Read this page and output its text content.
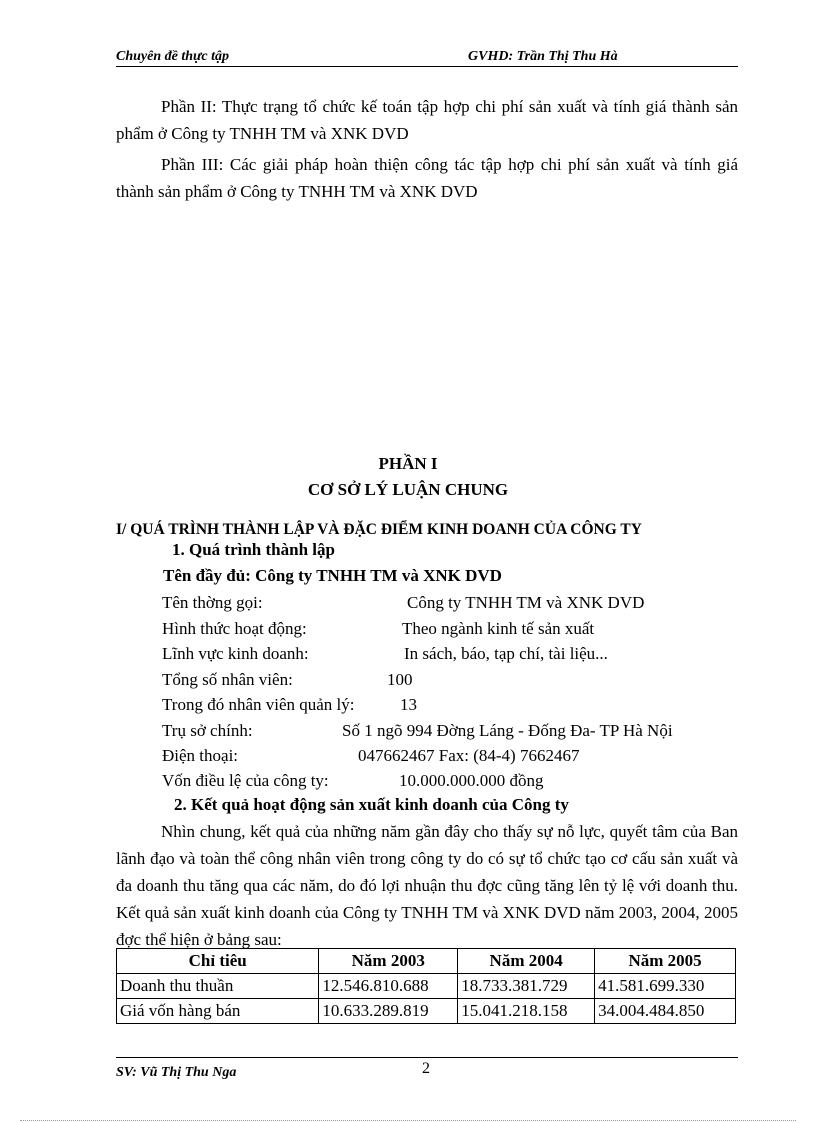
Chuyên đề thực tập	GVHD: Trần Thị Thu Hà

Phần II: Thực trạng tổ chức kế toán tập hợp chi phí sản xuất và tính giá thành sản phẩm ở Công ty TNHH TM và XNK DVD

Phần III: Các giải pháp hoàn thiện công tác tập hợp chi phí sản xuất và tính giá thành sản phẩm ở Công ty TNHH TM và XNK DVD

PHẦN I
CƠ SỞ LÝ LUẬN CHUNG
I/ QUÁ TRÌNH THÀNH LẬP VÀ ĐẶC ĐIỂM KINH DOANH CỦA CÔNG TY
1. Quá trình thành lập
Tên đầy đủ: Công ty TNHH TM và XNK DVD
Tên thờng gọi:	Công ty TNHH TM và XNK DVD
Hình thức hoạt động:	Theo ngành kinh tế sản xuất
Lĩnh vực kinh doanh:	In sách, báo, tạp chí, tài liệu...
Tổng số nhân viên:	100
Trong đó nhân viên quản lý:	13
Trụ sở chính:	Số 1 ngõ 994 Đờng Láng - Đống Đa- TP Hà Nội
Điện thoại:	047662467 Fax: (84-4) 7662467
Vốn điều lệ của công ty:	10.000.000.000 đồng
2. Kết quả hoạt động sản xuất kinh doanh của Công ty

Nhìn chung, kết quả của những năm gần đây cho thấy sự nỗ lực, quyết tâm của Ban lãnh đạo và toàn thể công nhân viên trong công ty do có sự tổ chức tạo cơ cấu sản xuất và đa doanh thu tăng qua các năm, do đó lợi nhuận thu đợc cũng tăng lên tỷ lệ với doanh thu. Kết quả sản xuất kinh doanh của Công ty TNHH TM và XNK DVD năm 2003, 2004, 2005 đợc thể hiện ở bảng sau:

Chỉ tiêu	Năm 2003	Năm 2004	Năm 2005
Doanh thu thuần	12.546.810.688	18.733.381.729	41.581.699.330
Giá vốn hàng bán	10.633.289.819	15.041.218.158	34.004.484.850
SV: Vũ Thị Thu Nga	2
